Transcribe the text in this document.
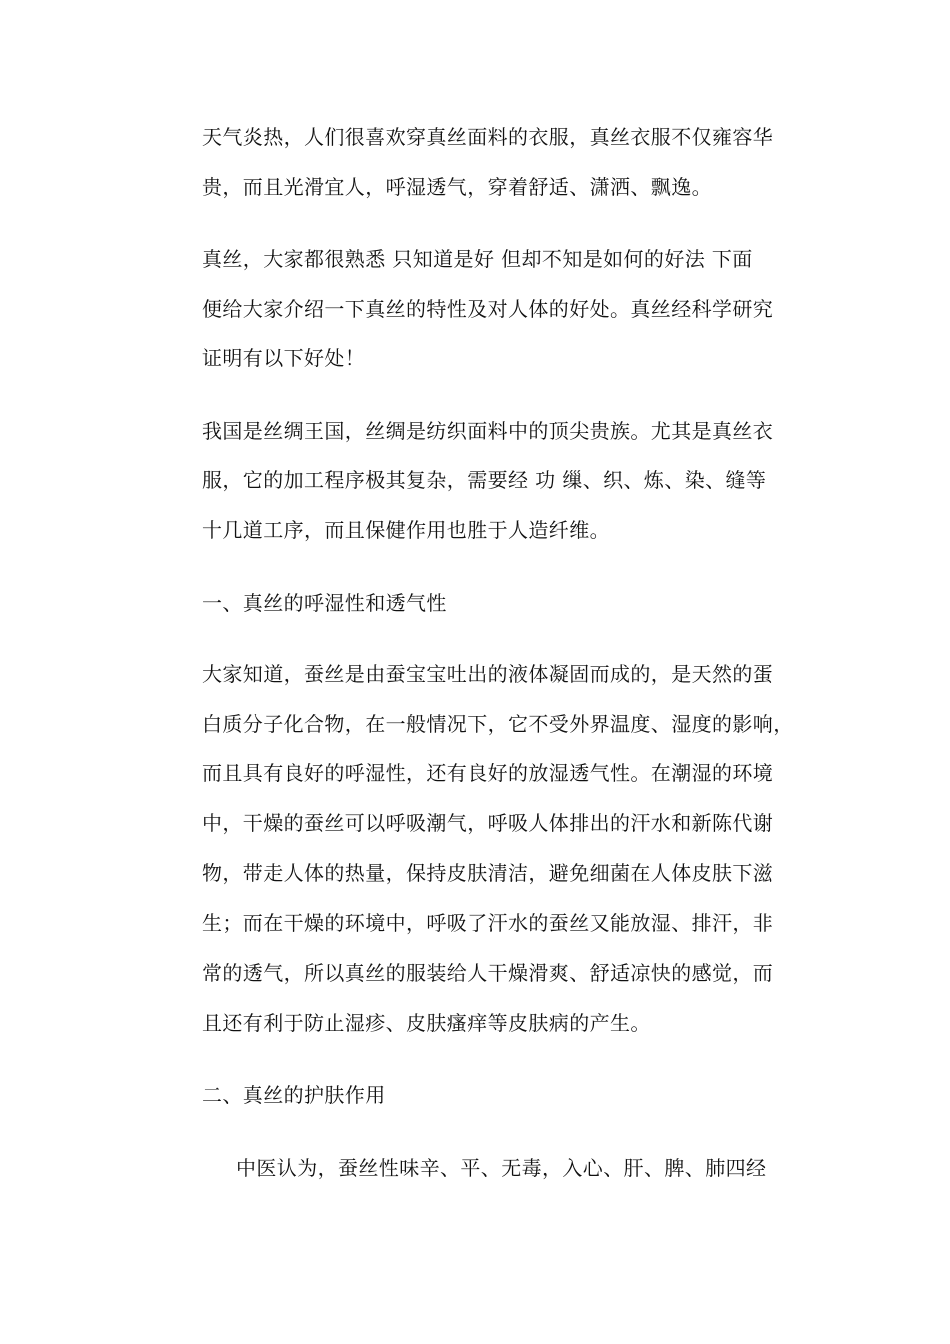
天气炎热，人们很喜欢穿真丝面料的衣服，真丝衣服不仅雍容华
贵，而且光滑宜人，呼湿透气，穿着舒适、潇洒、飘逸。
真丝，大家都很熟悉 只知道是好 但却不知是如何的好法 下面
便给大家介绍一下真丝的特性及对人体的好处。真丝经科学研究
证明有以下好处！
我国是丝绸王国，丝绸是纺织面料中的顶尖贵族。尤其是真丝衣
服，它的加工程序极其复杂，需要经 功 缫、织、炼、染、缝等
十几道工序，而且保健作用也胜于人造纤维。
一、真丝的呼湿性和透气性
大家知道，蚕丝是由蚕宝宝吐出的液体凝固而成的，是天然的蛋
白质分子化合物，在一般情况下，它不受外界温度、湿度的影响，
而且具有良好的呼湿性，还有良好的放湿透气性。在潮湿的环境
中，干燥的蚕丝可以呼吸潮气，呼吸人体排出的汗水和新陈代谢
物，带走人体的热量，保持皮肤清洁，避免细菌在人体皮肤下滋
生；而在干燥的环境中，呼吸了汗水的蚕丝又能放湿、排汗，非
常的透气，所以真丝的服装给人干燥滑爽、舒适凉快的感觉，而
且还有利于防止湿疹、皮肤瘙痒等皮肤病的产生。
二、真丝的护肤作用
中医认为，蚕丝性味辛、平、无毒，入心、肝、脾、肺四经
